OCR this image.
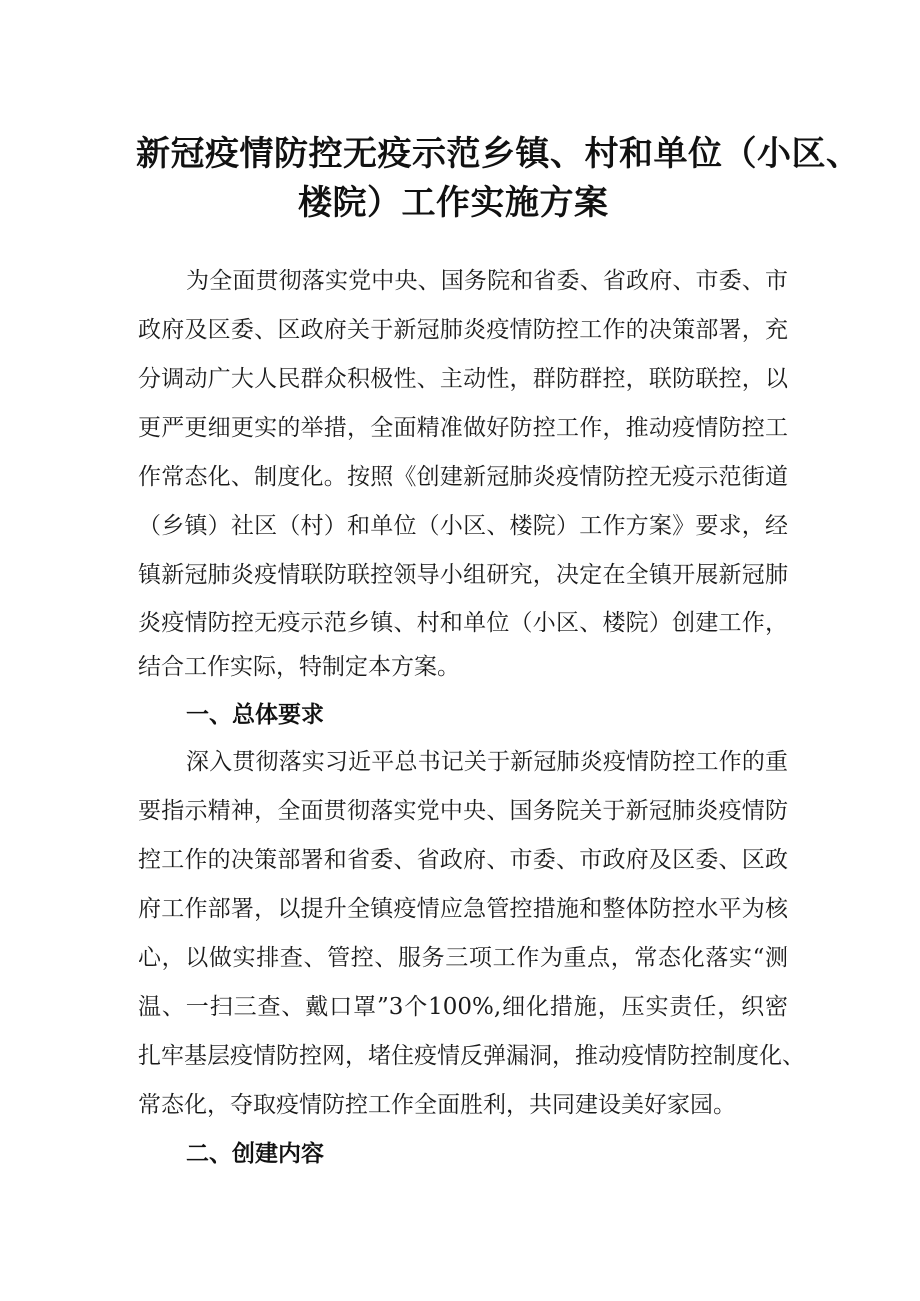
新冠疫情防控无疫示范乡镇、村和单位（小区、
楼院）工作实施方案
为全面贯彻落实党中央、国务院和省委、省政府、市委、市
政府及区委、区政府关于新冠肺炎疫情防控工作的决策部署，充
分调动广大人民群众积极性、主动性，群防群控，联防联控，以
更严更细更实的举措，全面精准做好防控工作，推动疫情防控工
作常态化、制度化。按照《创建新冠肺炎疫情防控无疫示范街道
（乡镇）社区（村）和单位（小区、楼院）工作方案》要求，经
镇新冠肺炎疫情联防联控领导小组研究，决定在全镇开展新冠肺
炎疫情防控无疫示范乡镇、村和单位（小区、楼院）创建工作，
结合工作实际，特制定本方案。
一、总体要求
深入贯彻落实习近平总书记关于新冠肺炎疫情防控工作的重
要指示精神，全面贯彻落实党中央、国务院关于新冠肺炎疫情防
控工作的决策部署和省委、省政府、市委、市政府及区委、区政
府工作部署，以提升全镇疫情应急管控措施和整体防控水平为核
心，以做实排查、管控、服务三项工作为重点，常态化落实“测
温、一扫三查、戴口罩”3个100%,细化措施，压实责任，织密
扎牢基层疫情防控网，堵住疫情反弹漏洞，推动疫情防控制度化、
常态化，夺取疫情防控工作全面胜利，共同建设美好家园。
二、创建内容
